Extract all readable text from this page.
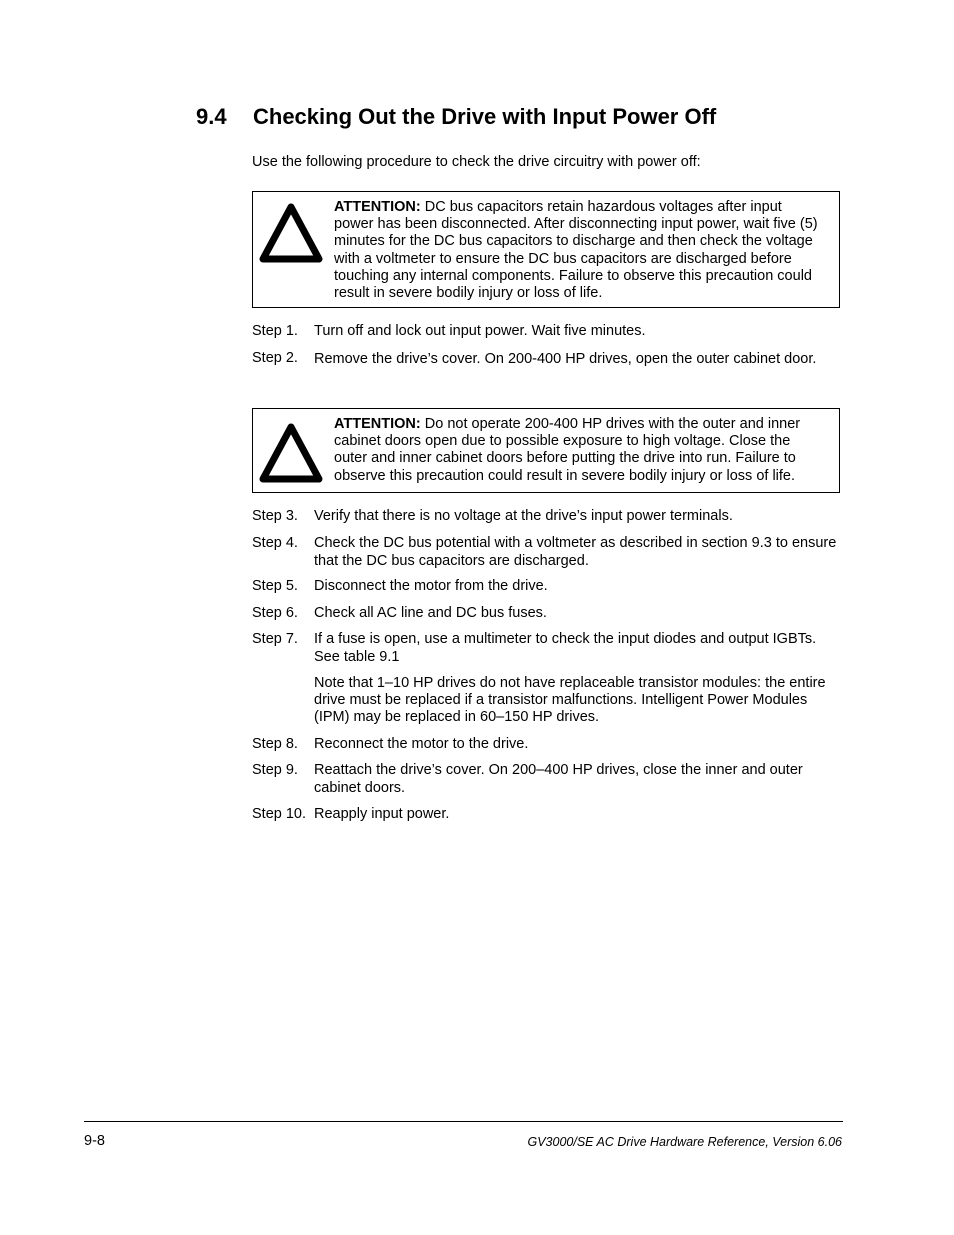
9.4 Checking Out the Drive with Input Power Off

Use the following procedure to check the drive circuitry with power off:

ATTENTION: DC bus capacitors retain hazardous voltages after input power has been disconnected. After disconnecting input power, wait five (5) minutes for the DC bus capacitors to discharge and then check the voltage with a voltmeter to ensure the DC bus capacitors are discharged before touching any internal components. Failure to observe this precaution could result in severe bodily injury or loss of life.

Step 1. Turn off and lock out input power. Wait five minutes.
Step 2. Remove the drive’s cover. On 200-400 HP drives, open the outer cabinet door.

ATTENTION: Do not operate 200-400 HP drives with the outer and inner cabinet doors open due to possible exposure to high voltage. Close the outer and inner cabinet doors before putting the drive into run. Failure to observe this precaution could result in severe bodily injury or loss of life.

Step 3. Verify that there is no voltage at the drive’s input power terminals.
Step 4. Check the DC bus potential with a voltmeter as described in section 9.3 to ensure that the DC bus capacitors are discharged.
Step 5. Disconnect the motor from the drive.
Step 6. Check all AC line and DC bus fuses.
Step 7. If a fuse is open, use a multimeter to check the input diodes and output IGBTs. See table 9.1

Note that 1–10 HP drives do not have replaceable transistor modules: the entire drive must be replaced if a transistor malfunctions. Intelligent Power Modules (IPM) may be replaced in 60–150 HP drives.

Step 8. Reconnect the motor to the drive.
Step 9. Reattach the drive’s cover. On 200–400 HP drives, close the inner and outer cabinet doors.
Step 10. Reapply input power.
9-8	GV3000/SE AC Drive Hardware Reference, Version 6.06
